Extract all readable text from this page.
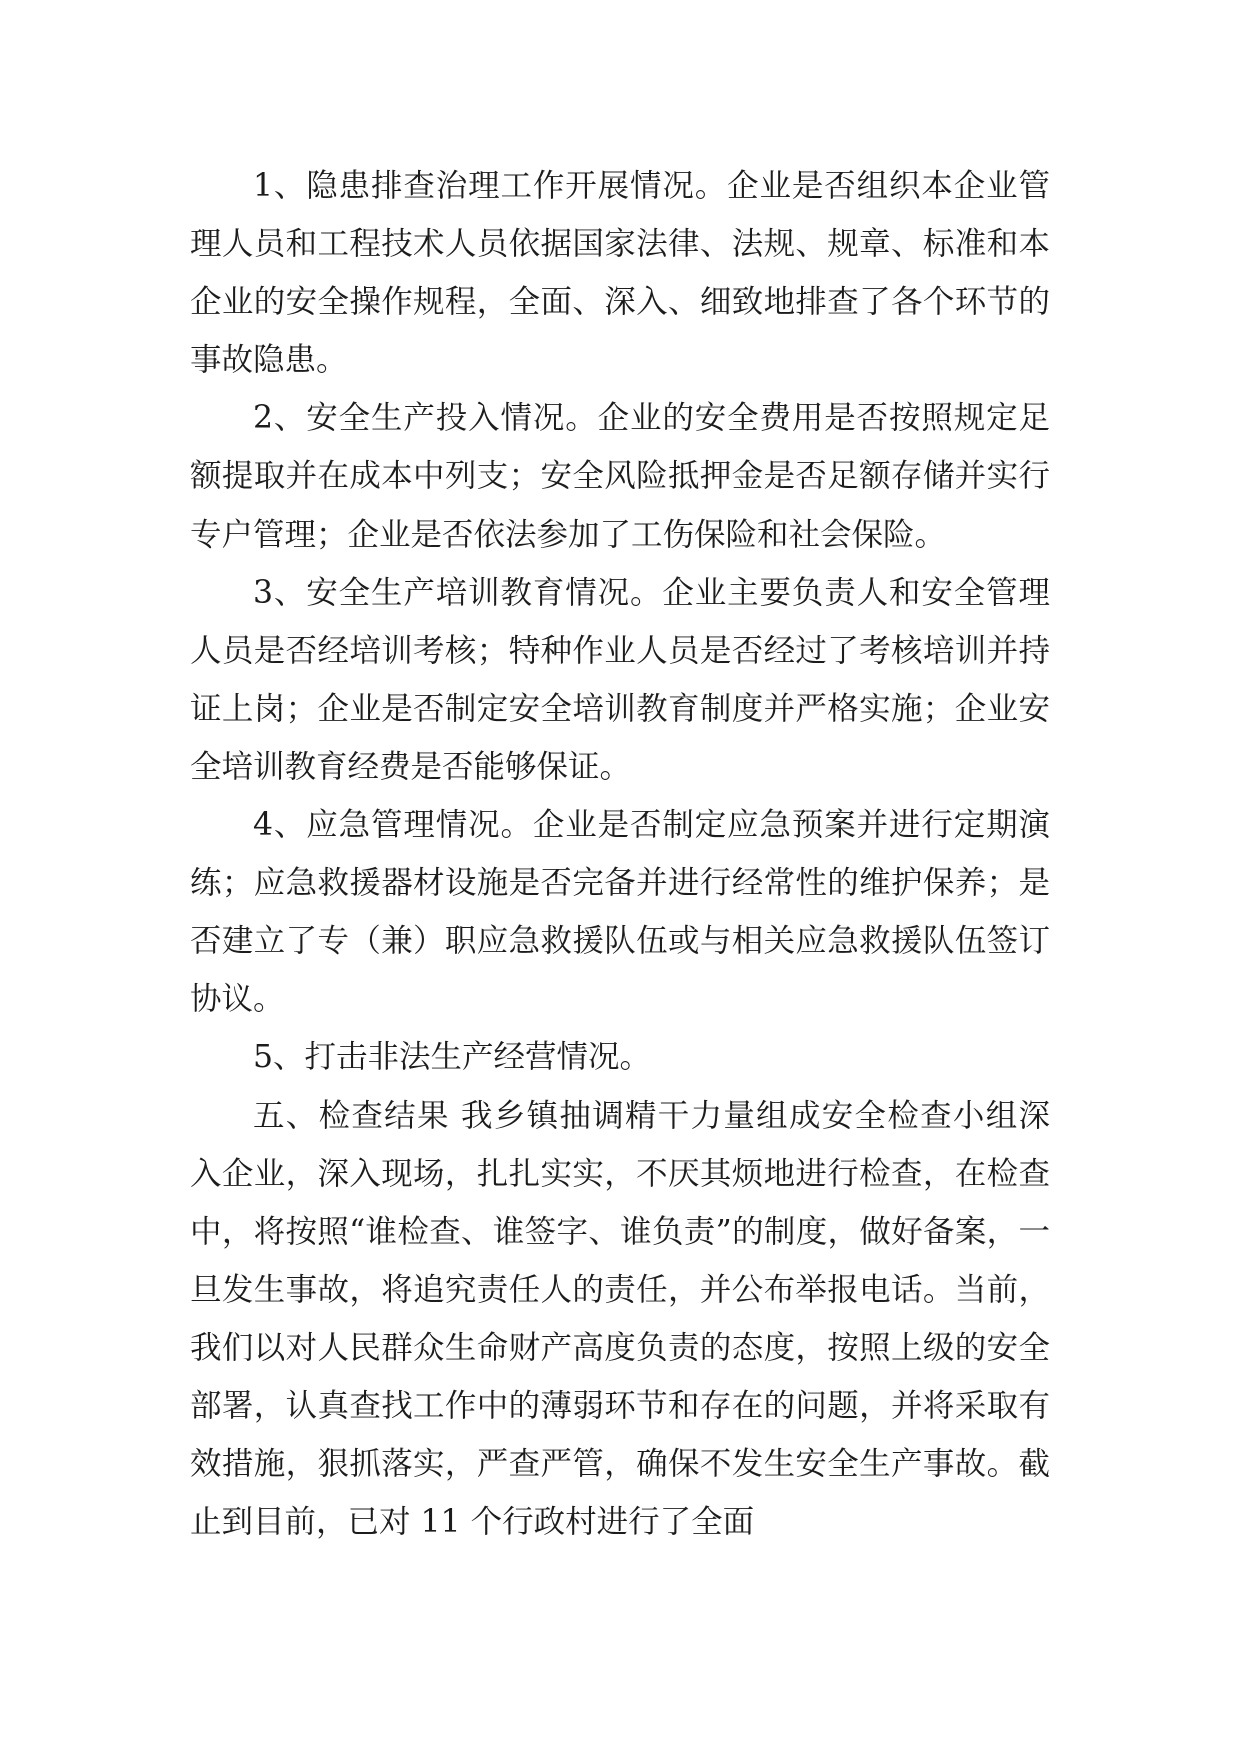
1、隐患排查治理工作开展情况。企业是否组织本企业管理人员和工程技术人员依据国家法律、法规、规章、标准和本企业的安全操作规程，全面、深入、细致地排查了各个环节的事故隐患。

2、安全生产投入情况。企业的安全费用是否按照规定足额提取并在成本中列支；安全风险抵押金是否足额存储并实行专户管理；企业是否依法参加了工伤保险和社会保险。

3、安全生产培训教育情况。企业主要负责人和安全管理人员是否经培训考核；特种作业人员是否经过了考核培训并持证上岗；企业是否制定安全培训教育制度并严格实施；企业安全培训教育经费是否能够保证。

4、应急管理情况。企业是否制定应急预案并进行定期演练；应急救援器材设施是否完备并进行经常性的维护保养；是否建立了专（兼）职应急救援队伍或与相关应急救援队伍签订协议。

5、打击非法生产经营情况。

五、检查结果 我乡镇抽调精干力量组成安全检查小组深入企业，深入现场，扎扎实实，不厌其烦地进行检查，在检查中，将按照“谁检查、谁签字、谁负责”的制度，做好备案，一旦发生事故，将追究责任人的责任，并公布举报电话。当前，我们以对人民群众生命财产高度负责的态度，按照上级的安全部署，认真查找工作中的薄弱环节和存在的问题，并将采取有效措施，狠抓落实，严查严管，确保不发生安全生产事故。截止到目前，已对 11 个行政村进行了全面
